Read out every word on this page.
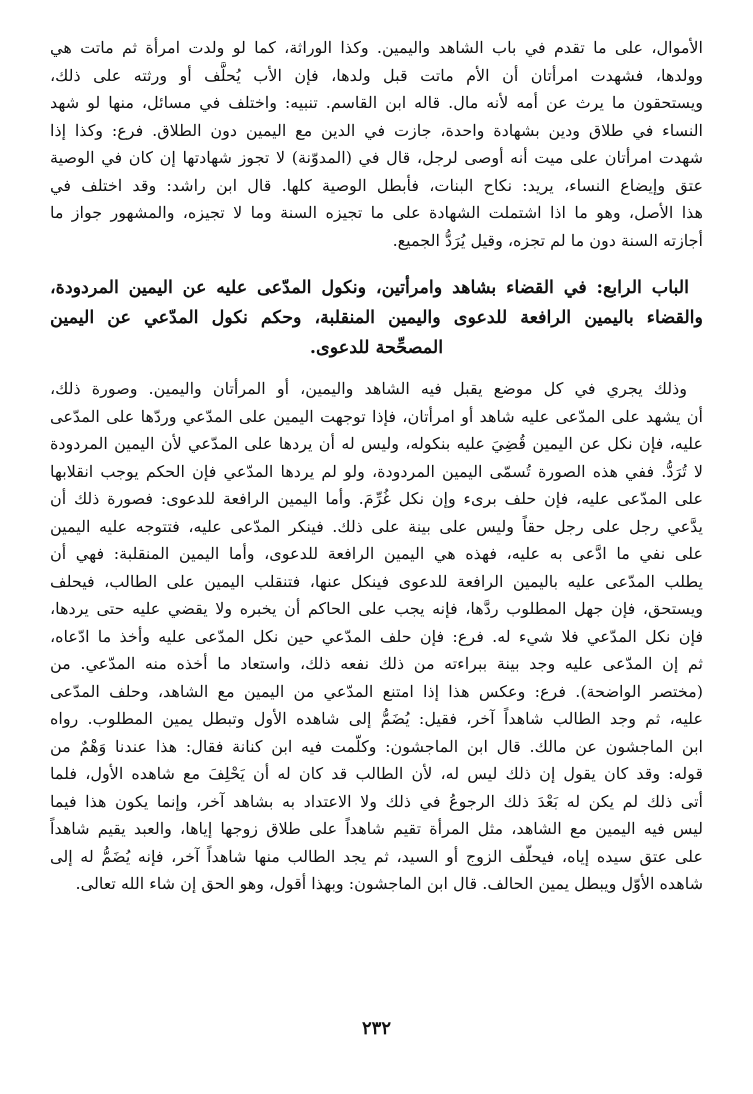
الأموال، على ما تقدم في باب الشاهد واليمين. وكذا الوراثة، كما لو ولدت امرأة ثم ماتت هي
وولدها، فشهدت امرأتان أن الأم ماتت قبل ولدها، فإن الأب يُحلَّف أو ورثته على ذلك،
ويستحقون ما يرث عن أمه لأنه مال. قاله ابن القاسم. تنبيه: واختلف في مسائل، منها لو شهد
النساء في طلاق ودين بشهادة واحدة، جازت في الدين مع اليمين دون الطلاق. فرع: وكذا إذا
شهدت امرأتان على ميت أنه أوصى لرجل، قال في (المدوّنة) لا تجوز شهادتها إن كان في الوصية
عتق وإيضاع النساء، يريد: نكاح البنات، فأبطل الوصية كلها. قال ابن راشد: وقد اختلف في
هذا الأصل، وهو ما اذا اشتملت الشهادة على ما تجيزه السنة وما لا تجيزه، والمشهور جواز ما
أجازته السنة دون ما لم تجزه، وقيل يُرَدُّ الجميع.
الباب الرابع: في القضاء بشاهد وامرأتين، ونكول المدّعى عليه عن اليمين المردودة،
والقضاء باليمين الرافعة للدعوى واليمين المنقلبة، وحكم نكول المدّعي عن اليمين
المصحِّحة للدعوى.
وذلك يجري في كل موضع يقبل فيه الشاهد واليمين، أو المرأتان واليمين. وصورة ذلك،
أن يشهد على المدّعى عليه شاهد أو امرأتان، فإذا توجهت اليمين على المدّعي وردّها على المدّعى
عليه، فإن نكل عن اليمين قُضِيَ عليه بنكوله، وليس له أن يردها على المدّعي لأن اليمين المردودة
لا تُرَدُّ. ففي هذه الصورة تُسمّى اليمين المردودة، ولو لم يردها المدّعي فإن الحكم يوجب انقلابها
على المدّعى عليه، فإن حلف برىء وإن نكل غُرِّمَ. وأما اليمين الرافعة للدعوى: فصورة ذلك أن
يدَّعي رجل على رجل حقاً وليس على بينة على ذلك. فينكر المدّعى عليه، فتتوجه عليه اليمين
على نفي ما ادَّعى به عليه، فهذه هي اليمين الرافعة للدعوى، وأما اليمين المنقلبة: فهي أن
يطلب المدّعى عليه باليمين الرافعة للدعوى فينكل عنها، فتنقلب اليمين على الطالب، فيحلف
ويستحق، فإن جهل المطلوب ردَّها، فإنه يجب على الحاكم أن يخبره ولا يقضي عليه حتى يردها،
فإن نكل المدّعي فلا شيء له. فرع: فإن حلف المدّعي حين نكل المدّعى عليه وأخذ ما ادّعاه،
ثم إن المدّعى عليه وجد بينة ببراءته من ذلك نفعه ذلك، واستعاد ما أخذه منه المدّعي. من
(مختصر الواضحة). فرع: وعكس هذا إذا امتنع المدّعي من اليمين مع الشاهد، وحلف المدّعى
عليه، ثم وجد الطالب شاهداً آخر، فقيل: يُضَمُّ إلى شاهده الأول وتبطل يمين المطلوب. رواه
ابن الماجشون عن مالك. قال ابن الماجشون: وكلّمت فيه ابن كنانة فقال: هذا عندنا وَهْمٌ من
قوله: وقد كان يقول إن ذلك ليس له، لأن الطالب قد كان له أن يَحْلِفَ مع شاهده الأول، فلما
أتى ذلك لم يكن له بَعْدَ ذلك الرجوعُ في ذلك ولا الاعتداد به بشاهد آخر، وإنما يكون هذا فيما
ليس فيه اليمين مع الشاهد، مثل المرأة تقيم شاهداً على طلاق زوجها إياها، والعبد يقيم شاهداً
على عتق سيده إياه، فيحلّف الزوج أو السيد، ثم يجد الطالب منها شاهداً آخر، فإنه يُضَمُّ له إلى
شاهده الأوّل ويبطل يمين الحالف. قال ابن الماجشون: وبهذا أقول، وهو الحق إن شاء الله تعالى.
٢٣٢
